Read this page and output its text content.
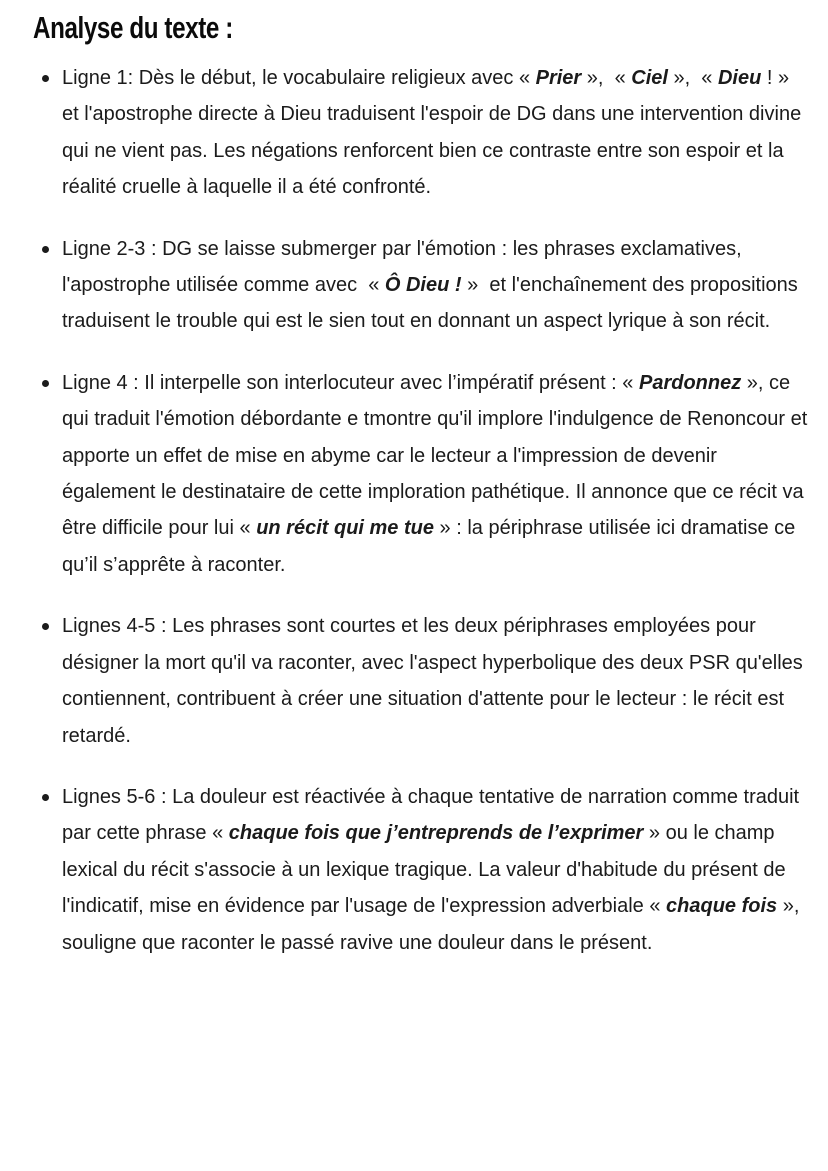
Analyse du texte :
Ligne 1: Dès le début, le vocabulaire religieux avec « Prier »,  « Ciel »,  « Dieu ! »  et l'apostrophe directe à Dieu traduisent l'espoir de DG dans une intervention divine qui ne vient pas. Les négations renforcent bien ce contraste entre son espoir et la réalité cruelle à laquelle il a été confronté.
Ligne 2-3 : DG se laisse submerger par l'émotion : les phrases exclamatives, l'apostrophe utilisée comme avec  « Ô Dieu ! »  et l'enchaînement des propositions traduisent le trouble qui est le sien tout en donnant un aspect lyrique à son récit.
Ligne 4 : Il interpelle son interlocuteur avec l’impératif présent : « Pardonnez », ce qui traduit l'émotion débordante e tmontre qu'il implore l'indulgence de Renoncour et apporte un effet de mise en abyme car le lecteur a l'impression de devenir également le destinataire de cette imploration pathétique. Il annonce que ce récit va être difficile pour lui « un récit qui me tue » : la périphrase utilisée ici dramatise ce qu’il s’apprête à raconter.
Lignes 4-5 : Les phrases sont courtes et les deux périphrases employées pour désigner la mort qu'il va raconter, avec l'aspect hyperbolique des deux PSR qu'elles contiennent, contribuent à créer une situation d'attente pour le lecteur : le récit est retardé.
Lignes 5-6 : La douleur est réactivée à chaque tentative de narration comme traduit par cette phrase « chaque fois que j’entreprends de l’exprimer » ou le champ lexical du récit s'associe à un lexique tragique. La valeur d'habitude du présent de l'indicatif, mise en évidence par l'usage de l'expression adverbiale « chaque fois », souligne que raconter le passé ravive une douleur dans le présent.
